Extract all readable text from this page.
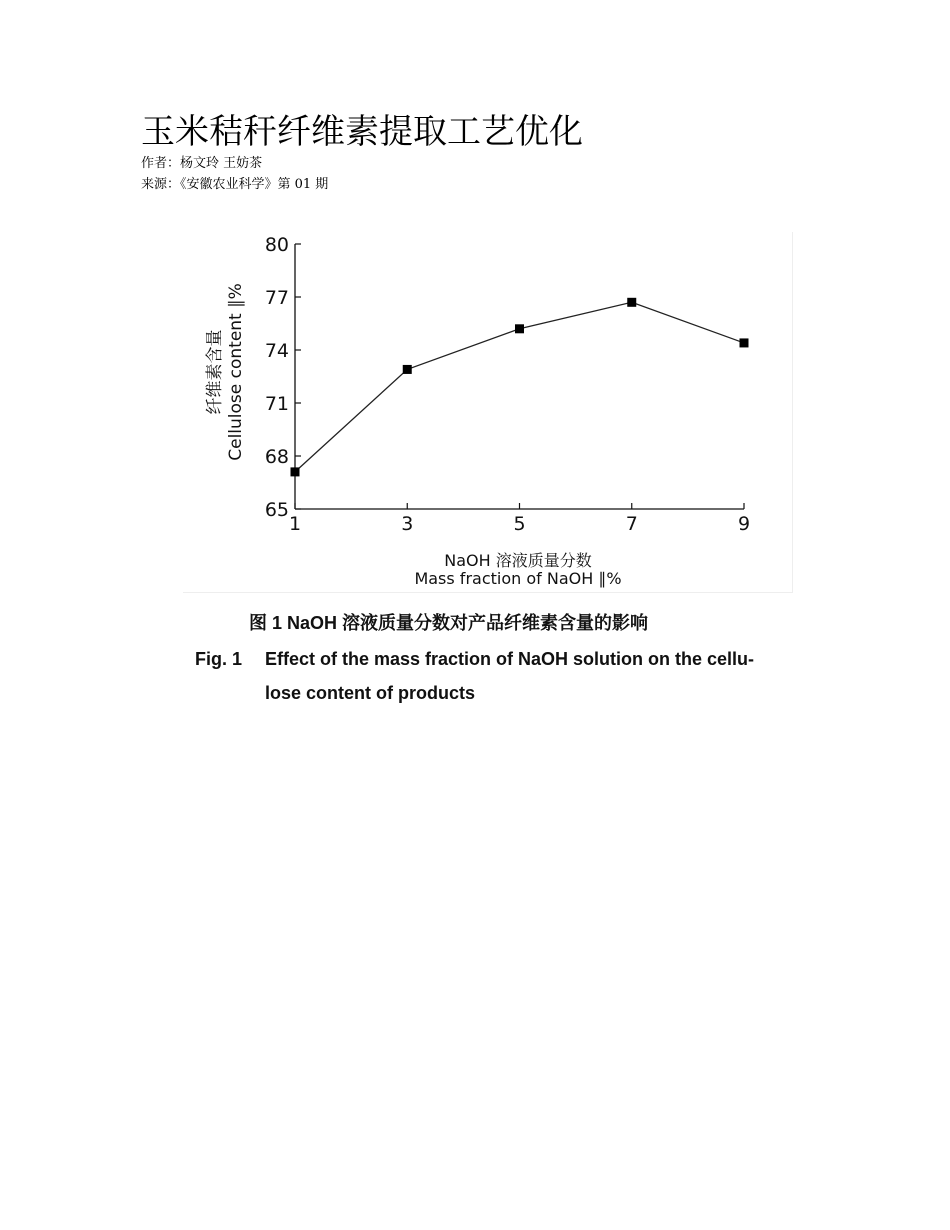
玉米秸秆纤维素提取工艺优化
作者：杨文玲 王妨茶
来源：《安徽农业科学》第 01 期
65
68
71
74
77
80
1	3	5	7	9
纤维素含量 Cellulose content ∥%
NaOH 溶液质量分数
Mass fraction of NaOH ∥%
图 1 NaOH 溶液质量分数对产品纤维素含量的影响
Fig. 1 Effect of the mass fraction of NaOH solution on the cellu-
lose content of products
